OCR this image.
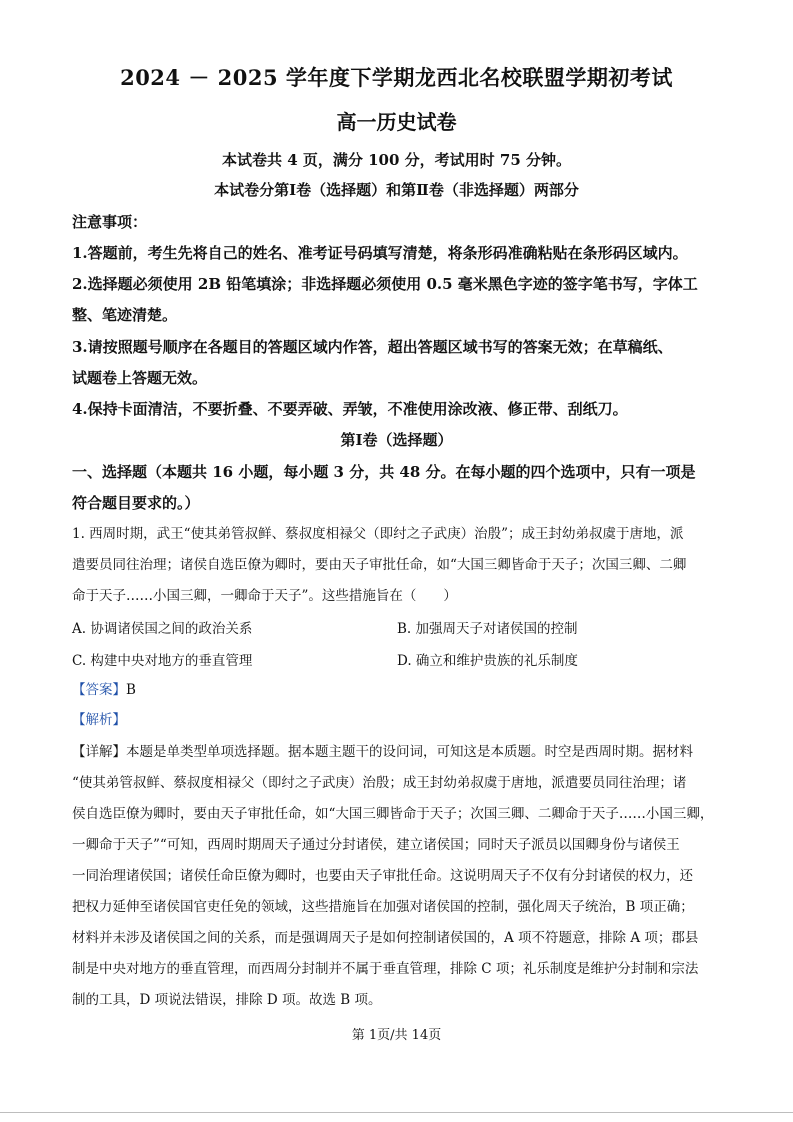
2024 － 2025 学年度下学期龙西北名校联盟学期初考试
高一历史试卷
本试卷共 4 页，满分 100 分，考试用时 75 分钟。
本试卷分第Ⅰ卷（选择题）和第Ⅱ卷（非选择题）两部分
注意事项：
1.答题前，考生先将自己的姓名、准考证号码填写清楚，将条形码准确粘贴在条形码区域内。
2.选择题必须使用 2B 铅笔填涂；非选择题必须使用 0.5 毫米黑色字迹的签字笔书写，字体工
整、笔迹清楚。
3.请按照题号顺序在各题目的答题区域内作答，超出答题区域书写的答案无效；在草稿纸、
试题卷上答题无效。
4.保持卡面清洁，不要折叠、不要弄破、弄皱，不准使用涂改液、修正带、刮纸刀。
第Ⅰ卷（选择题）
一、选择题（本题共 16 小题，每小题 3 分，共 48 分。在每小题的四个选项中，只有一项是
符合题目要求的。）
1. 西周时期，武王“使其弟管叔鲜、蔡叔度相禄父（即纣之子武庚）治殷”；成王封幼弟叔虞于唐地，派
遣要员同往治理；诸侯自选臣僚为卿时，要由天子审批任命，如“大国三卿皆命于天子；次国三卿、二卿
命于天子……小国三卿，一卿命于天子”。这些措施旨在（　　）
A. 协调诸侯国之间的政治关系	B. 加强周天子对诸侯国的控制
C. 构建中央对地方的垂直管理	D. 确立和维护贵族的礼乐制度
【答案】B
【解析】
【详解】本题是单类型单项选择题。据本题主题干的设问词，可知这是本质题。时空是西周时期。据材料
“使其弟管叔鲜、蔡叔度相禄父（即纣之子武庚）治殷；成王封幼弟叔虞于唐地，派遣要员同往治理；诸
侯自选臣僚为卿时，要由天子审批任命，如“大国三卿皆命于天子；次国三卿、二卿命于天子……小国三卿，
一卿命于天子”“可知，西周时期周天子通过分封诸侯，建立诸侯国；同时天子派员以国卿身份与诸侯王
一同治理诸侯国；诸侯任命臣僚为卿时，也要由天子审批任命。这说明周天子不仅有分封诸侯的权力，还
把权力延伸至诸侯国官吏任免的领域，这些措施旨在加强对诸侯国的控制，强化周天子统治，B 项正确；
材料并未涉及诸侯国之间的关系，而是强调周天子是如何控制诸侯国的，A 项不符题意，排除 A 项；郡县
制是中央对地方的垂直管理，而西周分封制并不属于垂直管理，排除 C 项；礼乐制度是维护分封制和宗法
制的工具，D 项说法错误，排除 D 项。故选 B 项。
第 1页/共 14页
